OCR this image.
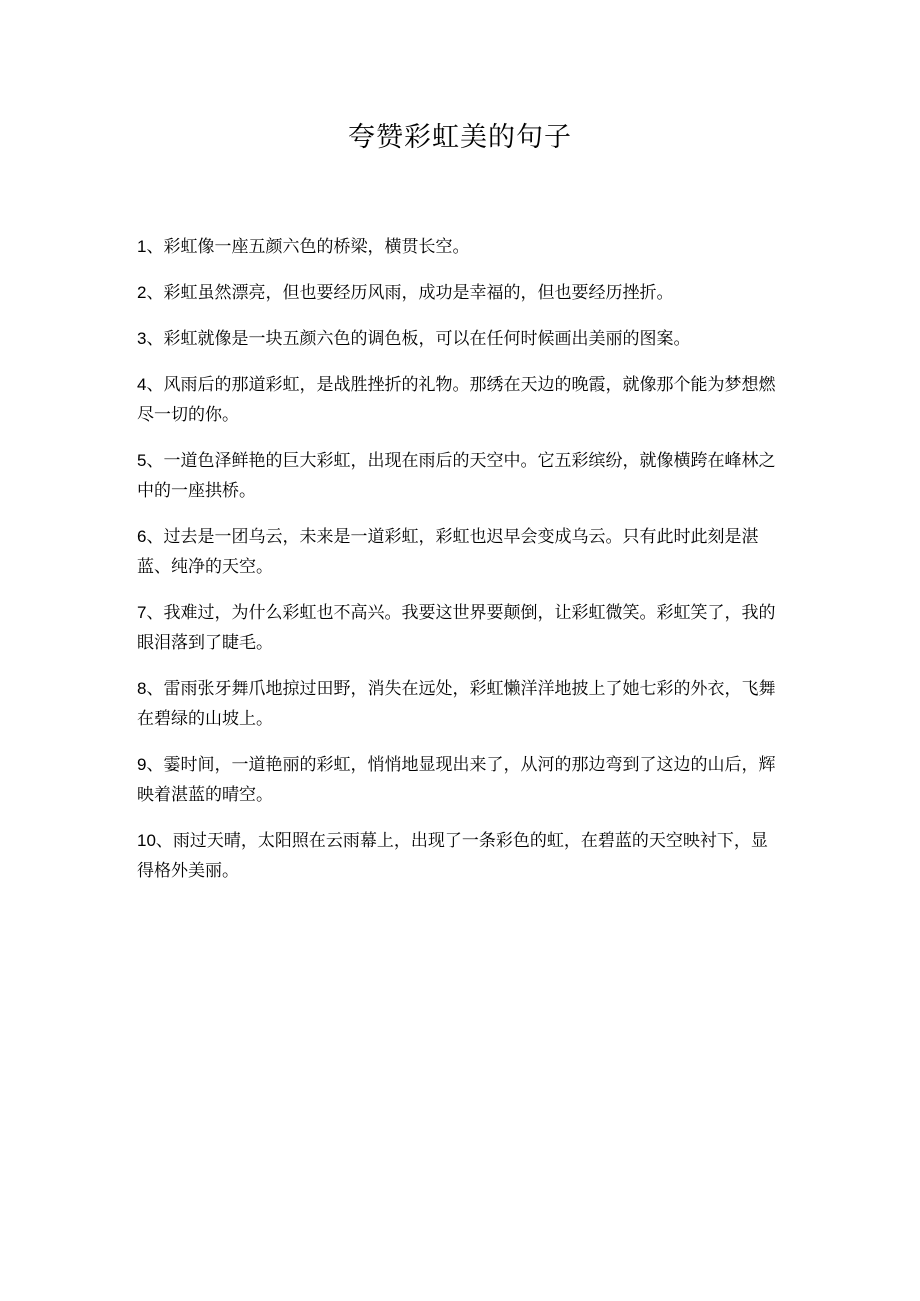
夸赞彩虹美的句子
1、彩虹像一座五颜六色的桥梁，横贯长空。
2、彩虹虽然漂亮，但也要经历风雨，成功是幸福的，但也要经历挫折。
3、彩虹就像是一块五颜六色的调色板，可以在任何时候画出美丽的图案。
4、风雨后的那道彩虹，是战胜挫折的礼物。那绣在天边的晚霞，就像那个能为梦想燃尽一切的你。
5、一道色泽鲜艳的巨大彩虹，出现在雨后的天空中。它五彩缤纷，就像横跨在峰林之中的一座拱桥。
6、过去是一团乌云，未来是一道彩虹，彩虹也迟早会变成乌云。只有此时此刻是湛蓝、纯净的天空。
7、我难过，为什么彩虹也不高兴。我要这世界要颠倒，让彩虹微笑。彩虹笑了，我的眼泪落到了睫毛。
8、雷雨张牙舞爪地掠过田野，消失在远处，彩虹懒洋洋地披上了她七彩的外衣，飞舞在碧绿的山坡上。
9、霎时间，一道艳丽的彩虹，悄悄地显现出来了，从河的那边弯到了这边的山后，辉映着湛蓝的晴空。
10、雨过天晴，太阳照在云雨幕上，出现了一条彩色的虹，在碧蓝的天空映衬下，显得格外美丽。
